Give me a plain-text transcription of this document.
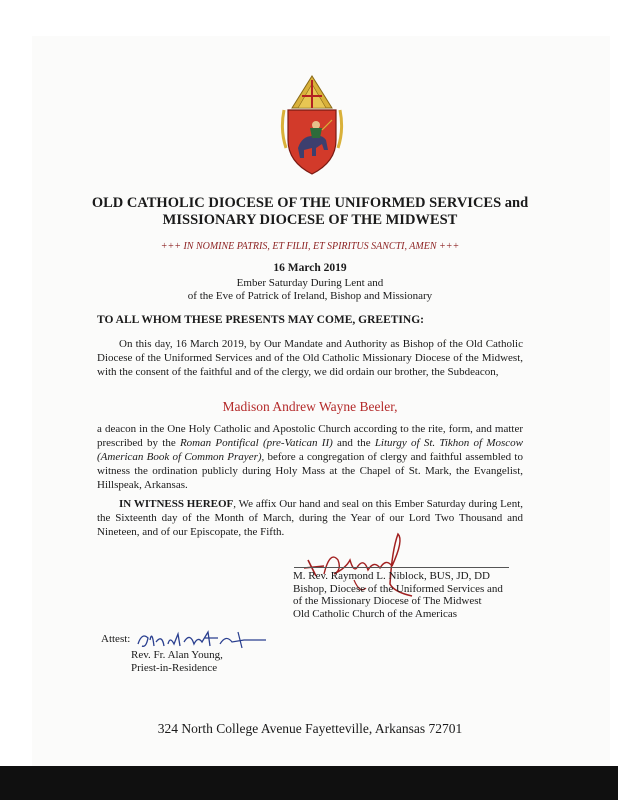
OLD CATHOLIC DIOCESE OF THE UNIFORMED SERVICES and
MISSIONARY DIOCESE OF THE MIDWEST
+++ IN NOMINE PATRIS, ET FILII, ET SPIRITUS SANCTI, AMEN +++
16 March 2019
Ember Saturday During Lent and
of the Eve of Patrick of Ireland, Bishop and Missionary
TO ALL WHOM THESE PRESENTS MAY COME, GREETING:
On this day, 16 March 2019, by Our Mandate and Authority as Bishop of the Old Catholic Diocese of the Uniformed Services and of the Old Catholic Missionary Diocese of the Midwest, with the consent of the faithful and of the clergy, we did ordain our brother, the Subdeacon,
Madison Andrew Wayne Beeler,
a deacon in the One Holy Catholic and Apostolic Church according to the rite, form, and matter prescribed by the Roman Pontifical (pre-Vatican II) and the Liturgy of St. Tikhon of Moscow (American Book of Common Prayer), before a congregation of clergy and faithful assembled to witness the ordination publicly during Holy Mass at the Chapel of St. Mark, the Evangelist, Hillspeak, Arkansas.
IN WITNESS HEREOF, We affix Our hand and seal on this Ember Saturday during Lent, the Sixteenth day of the Month of March, during the Year of our Lord Two Thousand and Nineteen, and of our Episcopate, the Fifth.
M. Rev. Raymond L. Niblock, BUS, JD, DD
Bishop, Diocese of the Uniformed Services and
of the Missionary Diocese of The Midwest
Old Catholic Church of the Americas
Attest:
Rev. Fr. Alan Young,
Priest-in-Residence
324 North College Avenue Fayetteville, Arkansas 72701
